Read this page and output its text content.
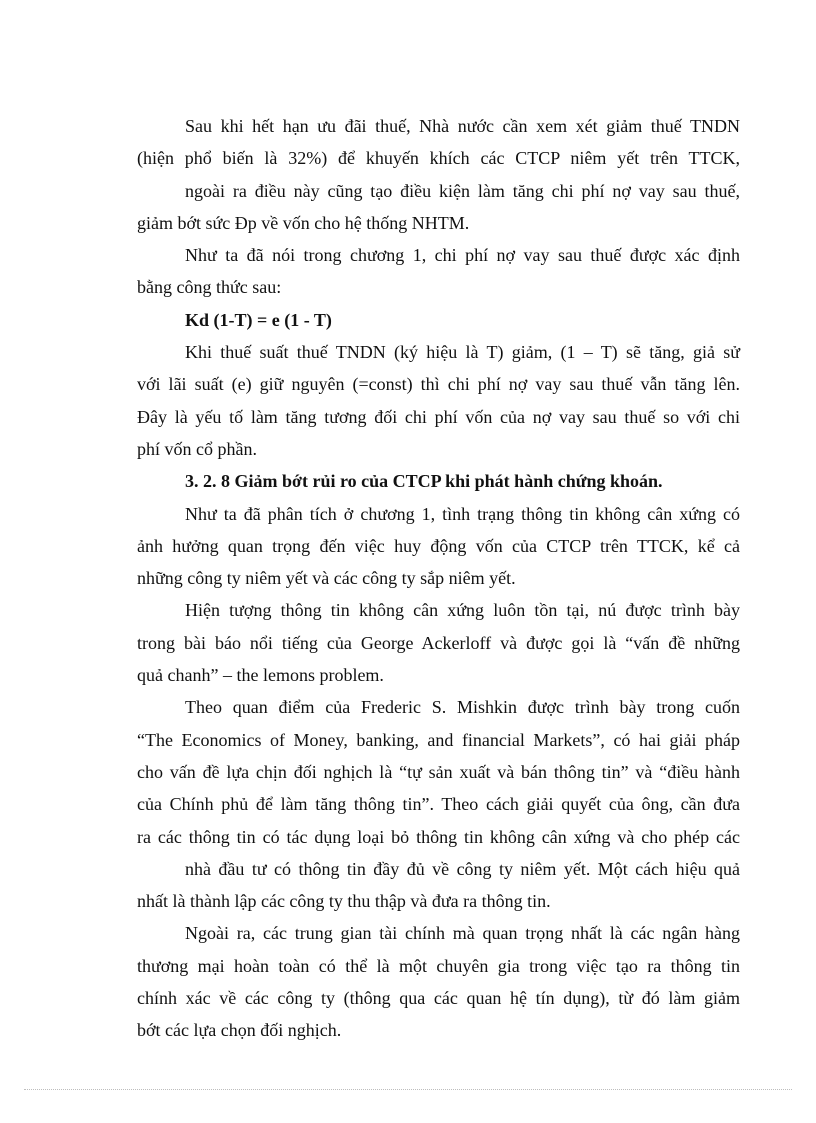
Sau khi hết hạn ưu đãi thuế, Nhà nước cần xem xét giảm thuế TNDN
(hiện phổ biến là 32%) để khuyến khích các CTCP niêm yết trên TTCK,
ngoài ra điều này cũng tạo điều kiện làm tăng chi phí nợ vay sau thuế,
giảm bớt sức Đp về vốn cho hệ thống NHTM.
Như ta đã nói trong chương 1, chi phí nợ vay sau thuế được xác định
bằng công thức sau:
Kd (1-T) = e (1 - T)
Khi thuế suất thuế TNDN (ký hiệu là T) giảm, (1 – T) sẽ tăng, giả sử
với lãi suất (e) giữ nguyên (=const) thì chi phí nợ vay sau thuế vẫn tăng lên.
Đây là yếu tố làm tăng tương đối chi phí vốn của nợ vay sau thuế so với chi
phí vốn cổ phần.
3. 2. 8 Giảm bớt rủi ro của CTCP khi phát hành chứng khoán.
Như ta đã phân tích ở chương 1, tình trạng thông tin không cân xứng có
ảnh hưởng quan trọng đến việc huy động vốn của CTCP trên TTCK, kể cả
những công ty niêm yết và các công ty sắp niêm yết.
Hiện tượng thông tin không cân xứng luôn tồn tại, nú được trình bày
trong bài báo nổi tiếng của George Ackerloff và được gọi là “vấn đề những
quả chanh” – the lemons problem.
Theo quan điểm của Frederic S. Mishkin được trình bày trong cuốn
“The Economics of Money, banking, and financial Markets”, có hai giải pháp
cho vấn đề lựa chịn đối nghịch là “tự sản xuất và bán thông tin” và “điều hành
của Chính phủ để làm tăng thông tin”. Theo cách giải quyết của ông, cần đưa
ra các thông tin có tác dụng loại bỏ thông tin không cân xứng và cho phép các
nhà đầu tư có thông tin đầy đủ về công ty niêm yết. Một cách hiệu quả
nhất là thành lập các công ty thu thập và đưa ra thông tin.
Ngoài ra, các trung gian tài chính mà quan trọng nhất là các ngân hàng
thương mại hoàn toàn có thể là một chuyên gia trong việc tạo ra thông tin
chính xác về các công ty (thông qua các quan hệ tín dụng), từ đó làm giảm
bớt các lựa chọn đối nghịch.
